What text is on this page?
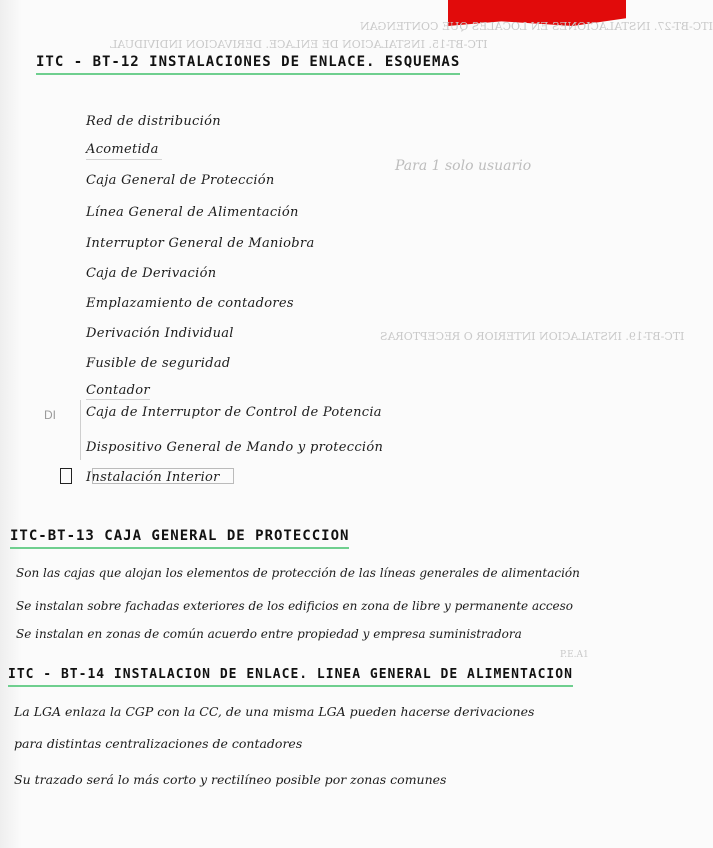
ITC-BT-27. INSTALACIONES EN LOCALES QUE CONTENGAN
ITC-BT-15. INSTALACION DE ENLACE. DERIVACION INDIVIDUAL
Para 1 solo usuario
ITC-BT-19. INSTALACION INTERIOR O RECEPTORAS
P.E.A1
ITC - BT-12 INSTALACIONES DE ENLACE. ESQUEMAS
Red de distribución
Acometida
Caja General de Protección
Línea General de Alimentación
Interruptor General de Maniobra
Caja de Derivación
Emplazamiento de contadores
Derivación Individual
Fusible de seguridad
Contador
Caja de Interruptor de Control de Potencia
Dispositivo General de Mando y protección
Instalación Interior
DI
ITC-BT-13 CAJA GENERAL DE PROTECCION
Son las cajas que alojan los elementos de protección de las líneas generales de alimentación
Se instalan sobre fachadas exteriores de los edificios en zona de libre y permanente acceso
Se instalan en zonas de común acuerdo entre propiedad y empresa suministradora
ITC - BT-14 INSTALACION DE ENLACE. LINEA GENERAL DE ALIMENTACION
La LGA enlaza la CGP con la CC, de una misma LGA pueden hacerse derivaciones
para distintas centralizaciones de contadores
Su trazado será lo más corto y rectilíneo posible por zonas comunes
